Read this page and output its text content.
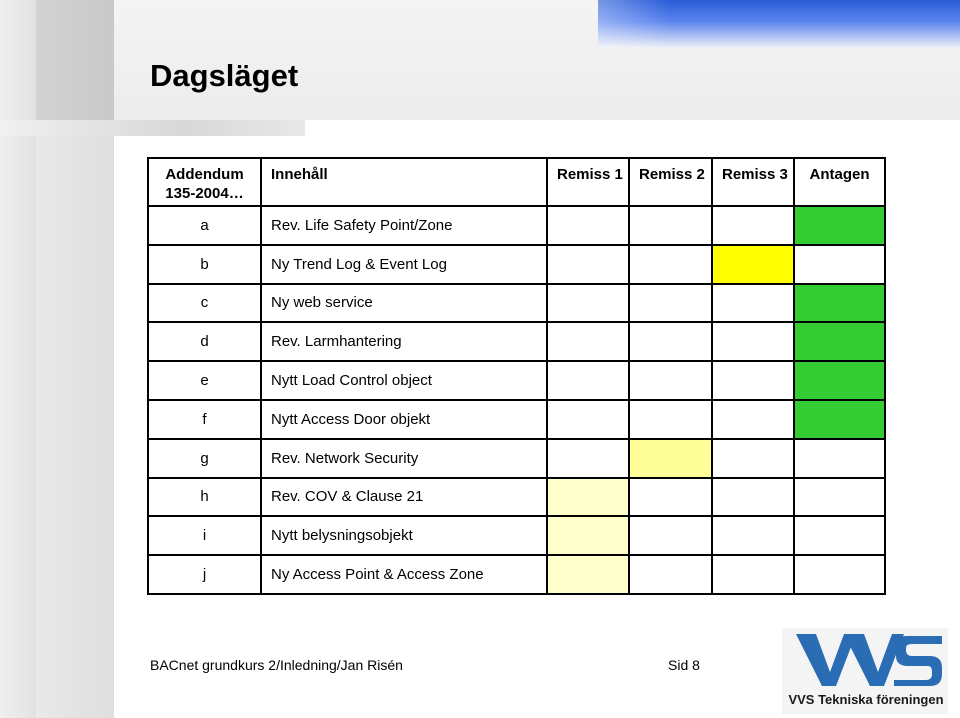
Dagsläget
Addendum 135-2004…	Innehåll	Remiss 1	Remiss 2	Remiss 3	Antagen
a	Rev. Life Safety Point/Zone				
b	Ny Trend Log & Event Log				
c	Ny web service				
d	Rev. Larmhantering				
e	Nytt Load Control object				
f	Nytt Access Door objekt				
g	Rev. Network Security				
h	Rev. COV & Clause 21				
i	Nytt belysningsobjekt				
j	Ny Access Point & Access Zone				
BACnet grundkurs 2/Inledning/Jan Risén	Sid 8
VVS Tekniska föreningen
